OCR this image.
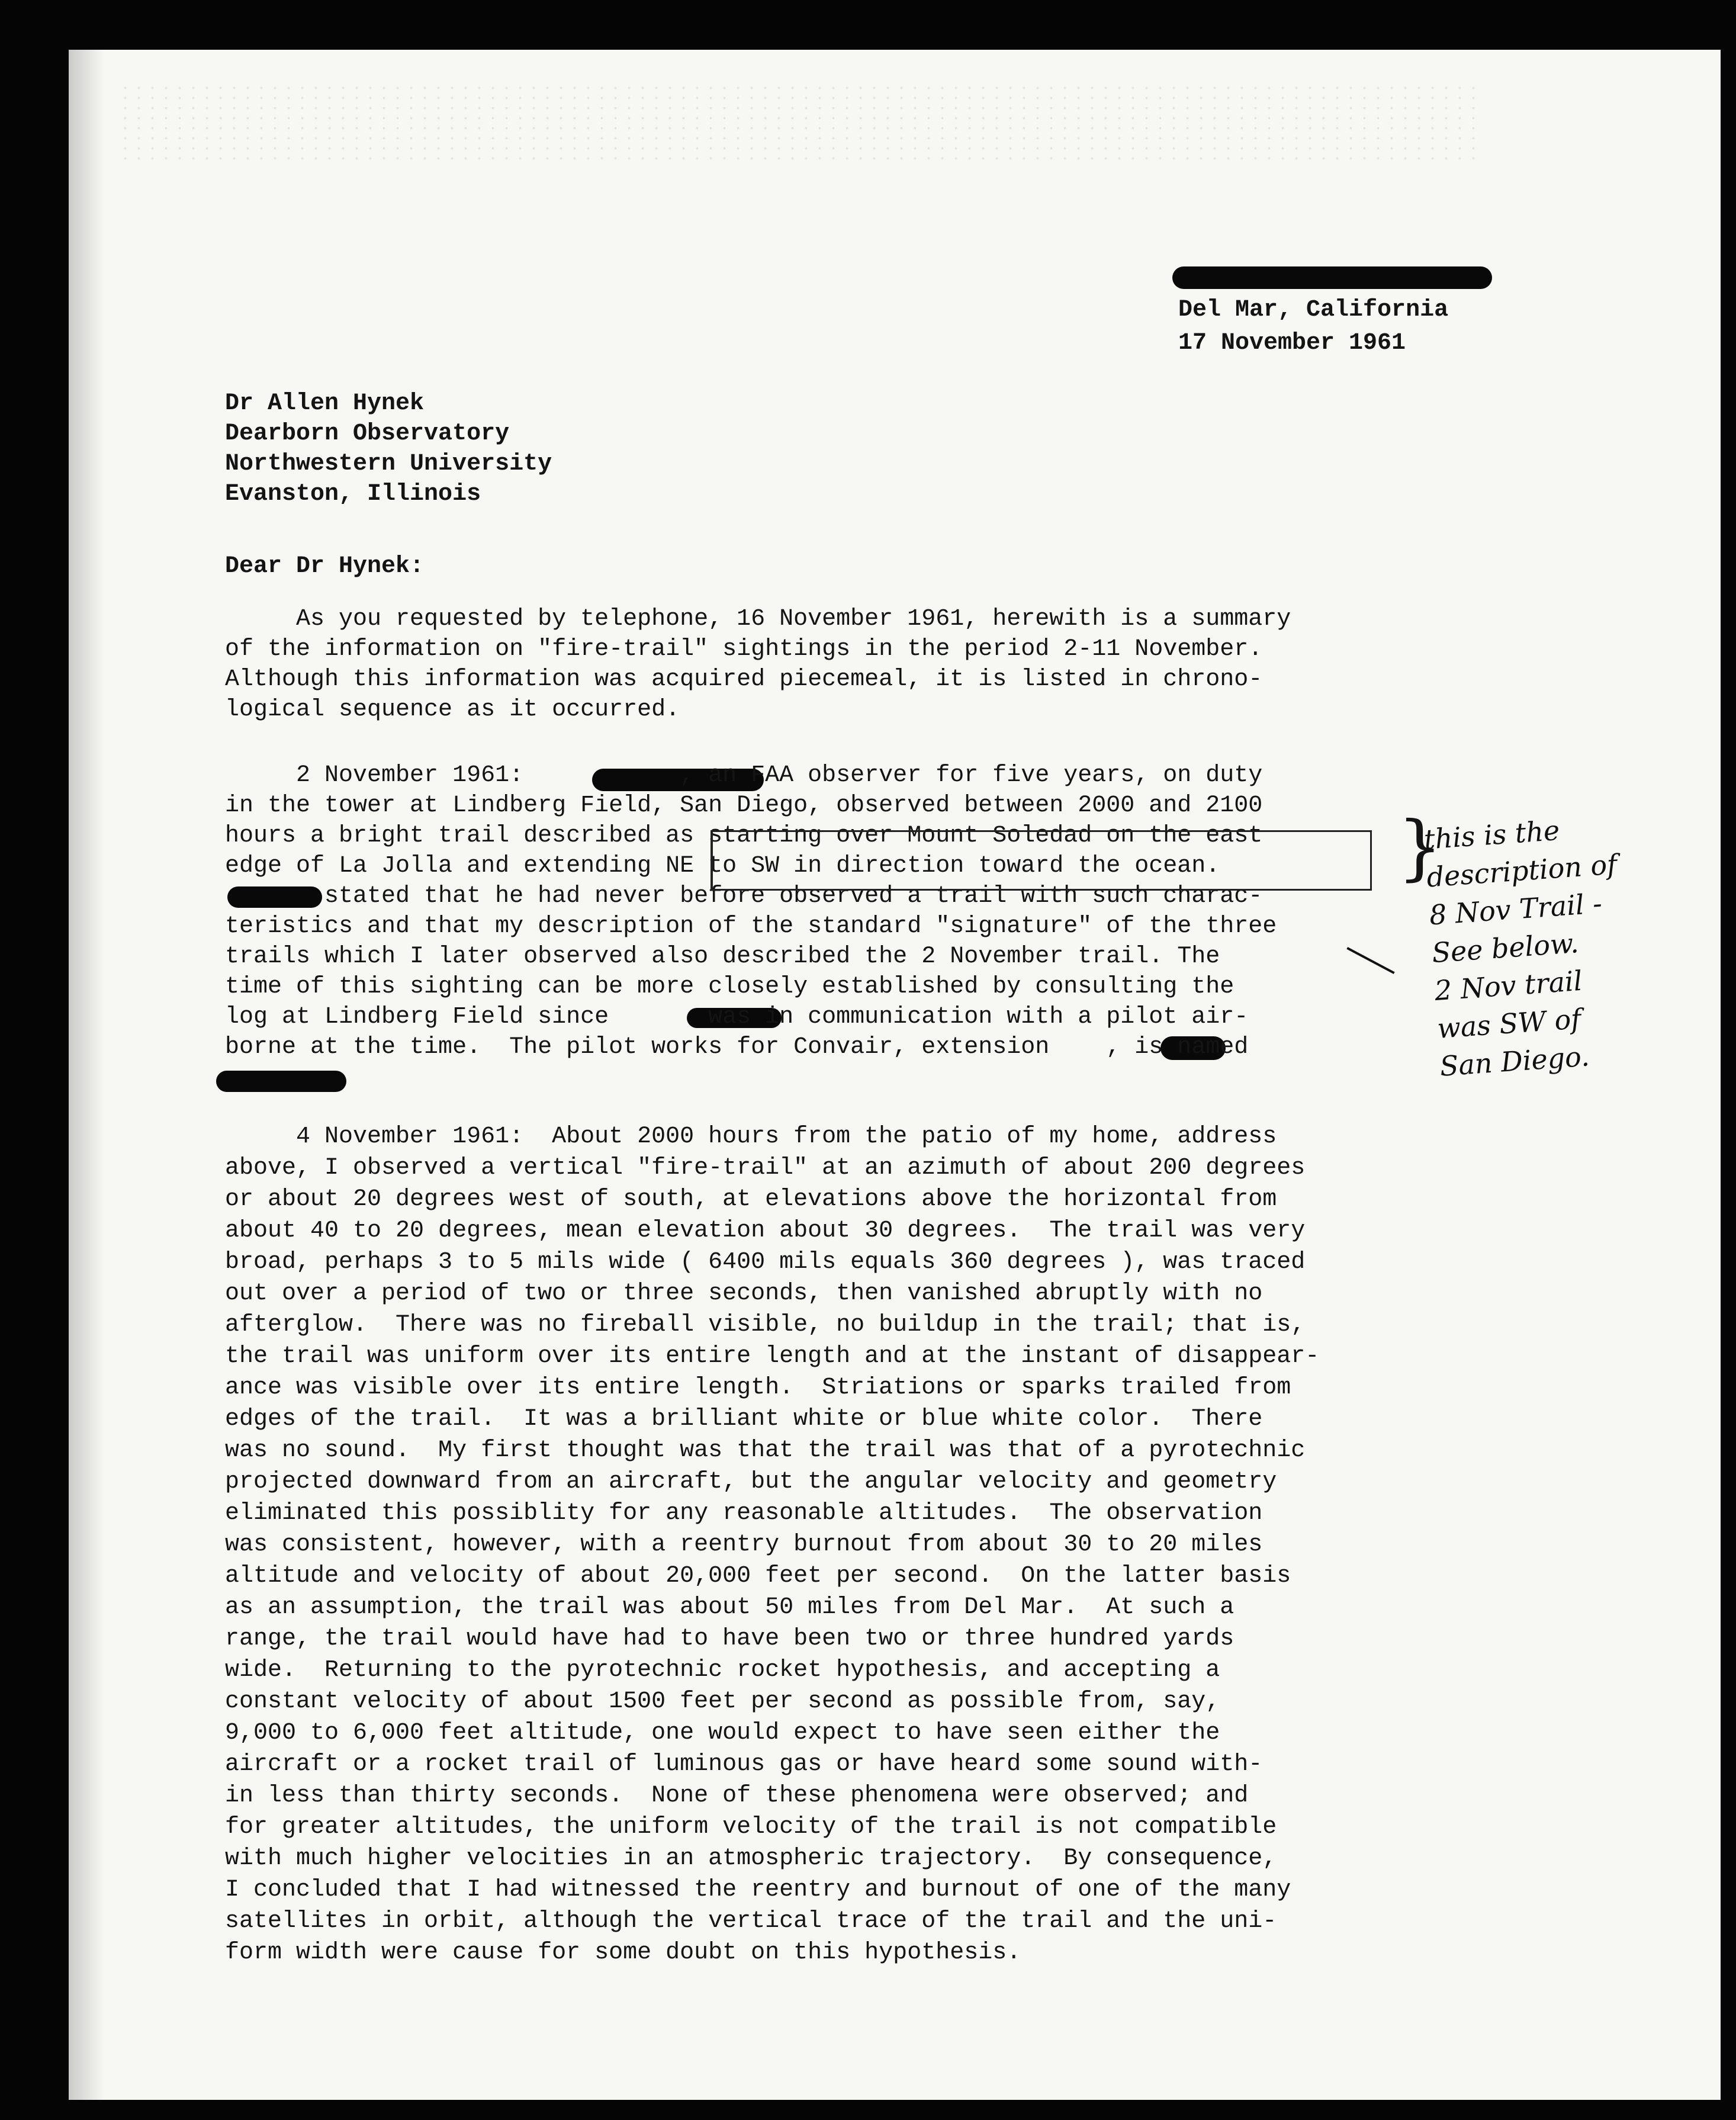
Del Mar, California
17 November 1961
Dr Allen Hynek
Dearborn Observatory
Northwestern University
Evanston, Illinois
Dear Dr Hynek:
As you requested by telephone, 16 November 1961, herewith is a summary
of the information on "fire-trail" sightings in the period 2-11 November.
Although this information was acquired piecemeal, it is listed in chrono-
logical sequence as it occurred.
2 November 1961:           , an FAA observer for five years, on duty
in the tower at Lindberg Field, San Diego, observed between 2000 and 2100
hours a bright trail described as starting over Mount Soledad on the east
edge of La Jolla and extending NE to SW in direction toward the ocean.
stated that he had never before observed a trail with such charac-
teristics and that my description of the standard "signature" of the three
trails which I later observed also described the 2 November trail. The
time of this sighting can be more closely established by consulting the
log at Lindberg Field since       was in communication with a pilot air-
borne at the time.  The pilot works for Convair, extension    , is named
}
this is the
description of
8 Nov Trail -
See below.
2 Nov trail
was SW of
San Diego.
4 November 1961:  About 2000 hours from the patio of my home, address
above, I observed a vertical "fire-trail" at an azimuth of about 200 degrees
or about 20 degrees west of south, at elevations above the horizontal from
about 40 to 20 degrees, mean elevation about 30 degrees.  The trail was very
broad, perhaps 3 to 5 mils wide ( 6400 mils equals 360 degrees ), was traced
out over a period of two or three seconds, then vanished abruptly with no
afterglow.  There was no fireball visible, no buildup in the trail; that is,
the trail was uniform over its entire length and at the instant of disappear-
ance was visible over its entire length.  Striations or sparks trailed from
edges of the trail.  It was a brilliant white or blue white color.  There
was no sound.  My first thought was that the trail was that of a pyrotechnic
projected downward from an aircraft, but the angular velocity and geometry
eliminated this possiblity for any reasonable altitudes.  The observation
was consistent, however, with a reentry burnout from about 30 to 20 miles
altitude and velocity of about 20,000 feet per second.  On the latter basis
as an assumption, the trail was about 50 miles from Del Mar.  At such a
range, the trail would have had to have been two or three hundred yards
wide.  Returning to the pyrotechnic rocket hypothesis, and accepting a
constant velocity of about 1500 feet per second as possible from, say,
9,000 to 6,000 feet altitude, one would expect to have seen either the
aircraft or a rocket trail of luminous gas or have heard some sound with-
in less than thirty seconds.  None of these phenomena were observed; and
for greater altitudes, the uniform velocity of the trail is not compatible
with much higher velocities in an atmospheric trajectory.  By consequence,
I concluded that I had witnessed the reentry and burnout of one of the many
satellites in orbit, although the vertical trace of the trail and the uni-
form width were cause for some doubt on this hypothesis.
